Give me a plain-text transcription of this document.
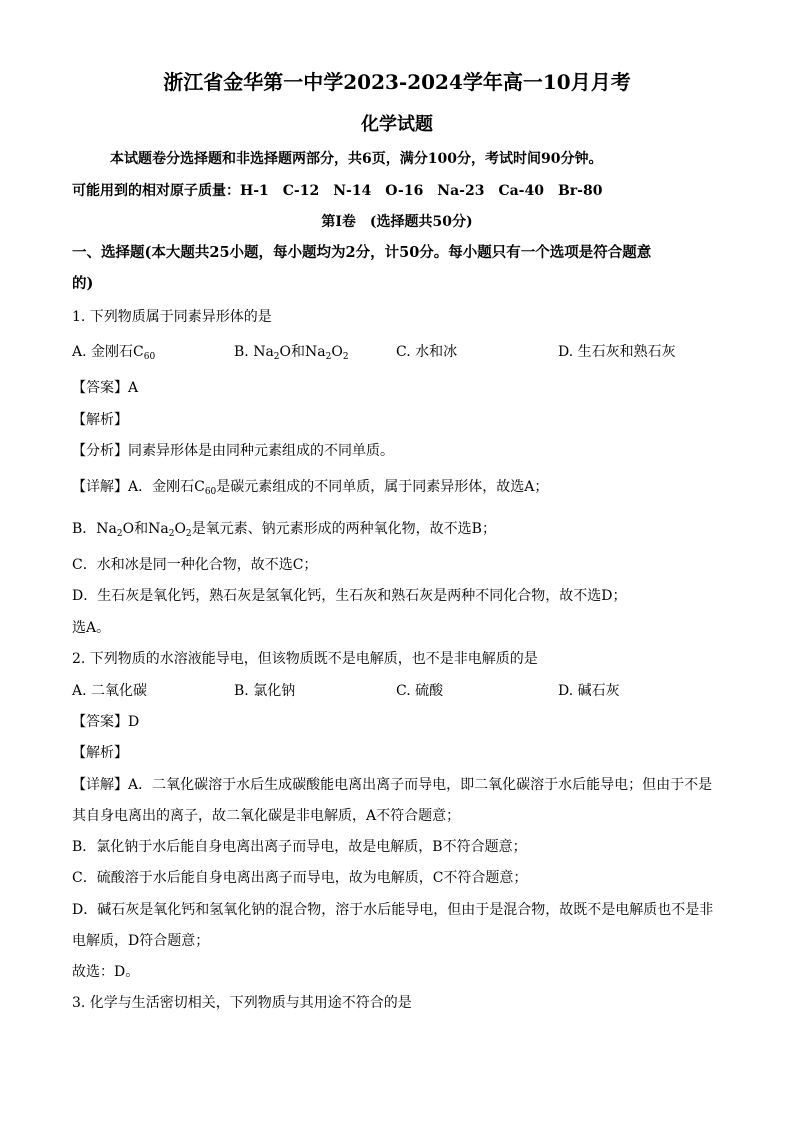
浙江省金华第一中学2023-2024学年高一10月月考
化学试题
本试题卷分选择题和非选择题两部分，共6页，满分100分，考试时间90分钟。
可能用到的相对原子质量：H-1　C-12　N-14　O-16　Na-23　Ca-40　Br-80
第Ⅰ卷　(选择题共50分)
一、选择题(本大题共25小题，每小题均为2分，计50分。每小题只有一个选项是符合题意
的)
1. 下列物质属于同素异形体的是
A. 金刚石$C_{60}$	B. $Na_2O$和$Na_2O_2$	C. 水和冰	D. 生石灰和熟石灰
【答案】A
【解析】
【分析】同素异形体是由同种元素组成的不同单质。
【详解】A．金刚石$C_{60}$是碳元素组成的不同单质，属于同素异形体，故选A；
B．$Na_2O$和$Na_2O_2$是氧元素、钠元素形成的两种氧化物，故不选B；
C．水和冰是同一种化合物，故不选C；
D．生石灰是氧化钙，熟石灰是氢氧化钙，生石灰和熟石灰是两种不同化合物，故不选D；
选A。
2. 下列物质的水溶液能导电，但该物质既不是电解质，也不是非电解质的是
A. 二氧化碳	B. 氯化钠	C. 硫酸	D. 碱石灰
【答案】D
【解析】
【详解】A．二氧化碳溶于水后生成碳酸能电离出离子而导电，即二氧化碳溶于水后能导电；但由于不是
其自身电离出的离子，故二氧化碳是非电解质，A不符合题意；
B．氯化钠于水后能自身电离出离子而导电，故是电解质，B不符合题意；
C．硫酸溶于水后能自身电离出离子而导电，故为电解质，C不符合题意；
D．碱石灰是氧化钙和氢氧化钠的混合物，溶于水后能导电，但由于是混合物，故既不是电解质也不是非
电解质，D符合题意；
故选：D。
3. 化学与生活密切相关，下列物质与其用途不符合的是
